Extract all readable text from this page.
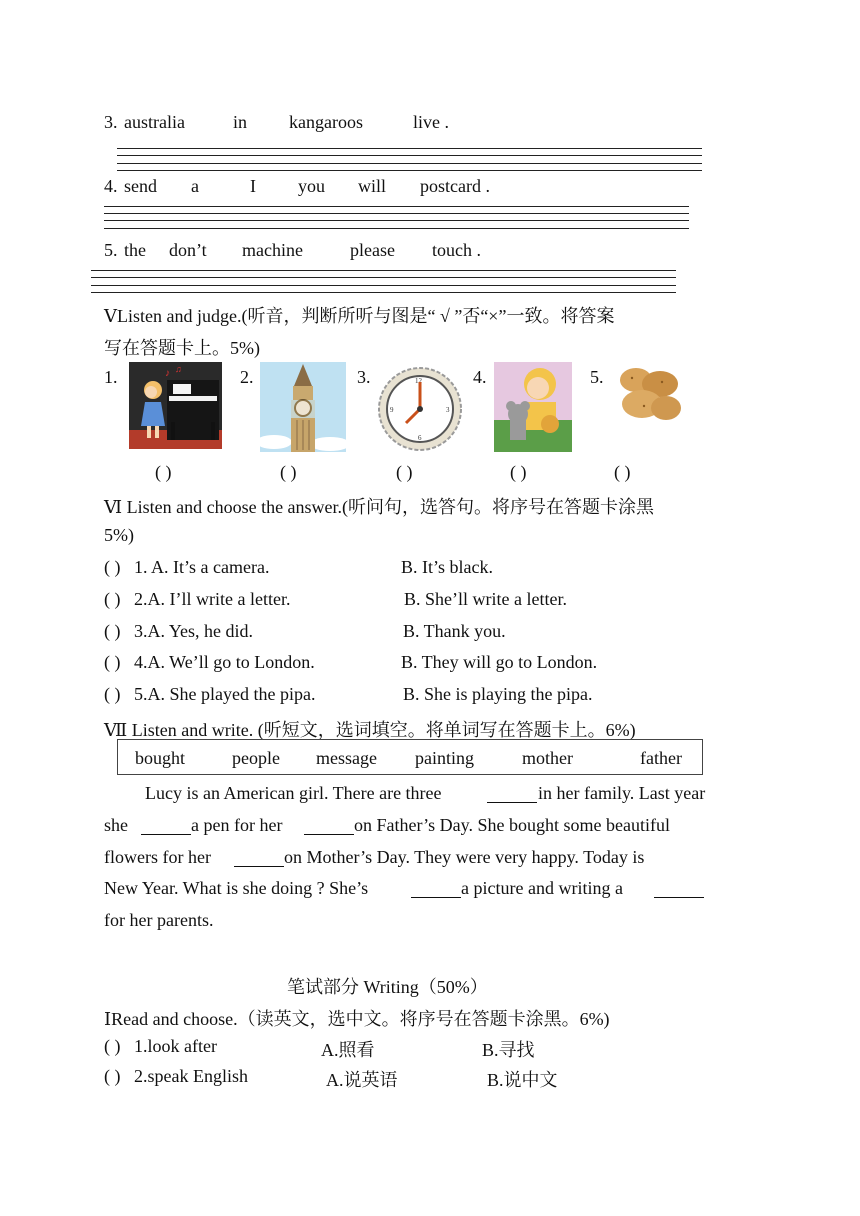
3. australia	in kangaroos	live .
4. send a	I you will postcard .
5. the don’t machine	please touch .
ⅤListen and judge.(听音，判断所听与图是“ √ ”否“×”一致。将答案
写在答题卡上。5%)
1.	2.	3.	4.	5.
♪ ♫
12
3
6
9
( )	( )	( )	( )	( )
Ⅵ Listen and choose the answer.(听问句，选答句。将序号在答题卡涂黑
5%)
( ) 1. A. It’s a camera.	B. It’s black.
( ) 2.A. I’ll write a letter.	B. She’ll write a letter.
( ) 3.A. Yes, he did.	B. Thank you.
( ) 4.A. We’ll go to London.	B. They will go to London.
( ) 5.A. She played the pipa.	B. She is playing the pipa.
Ⅶ Listen and write. (听短文，选词填空。将单词写在答题卡上。6%)
bought	people message painting	mother	father
Lucy is an American girl. There are three	in her family. Last year
she	a pen for her	on Father’s Day. She bought some beautiful
flowers for her	on Mother’s Day. They were very happy. Today is
New Year. What is she doing ? She’s	a picture and writing a
for her parents.
笔试部分 Writing（50%）
ⅠRead and choose.（读英文，选中文。将序号在答题卡涂黑。6%)
( ) 1.look after	A.照看	B.寻找
( ) 2.speak English	A.说英语	B.说中文
